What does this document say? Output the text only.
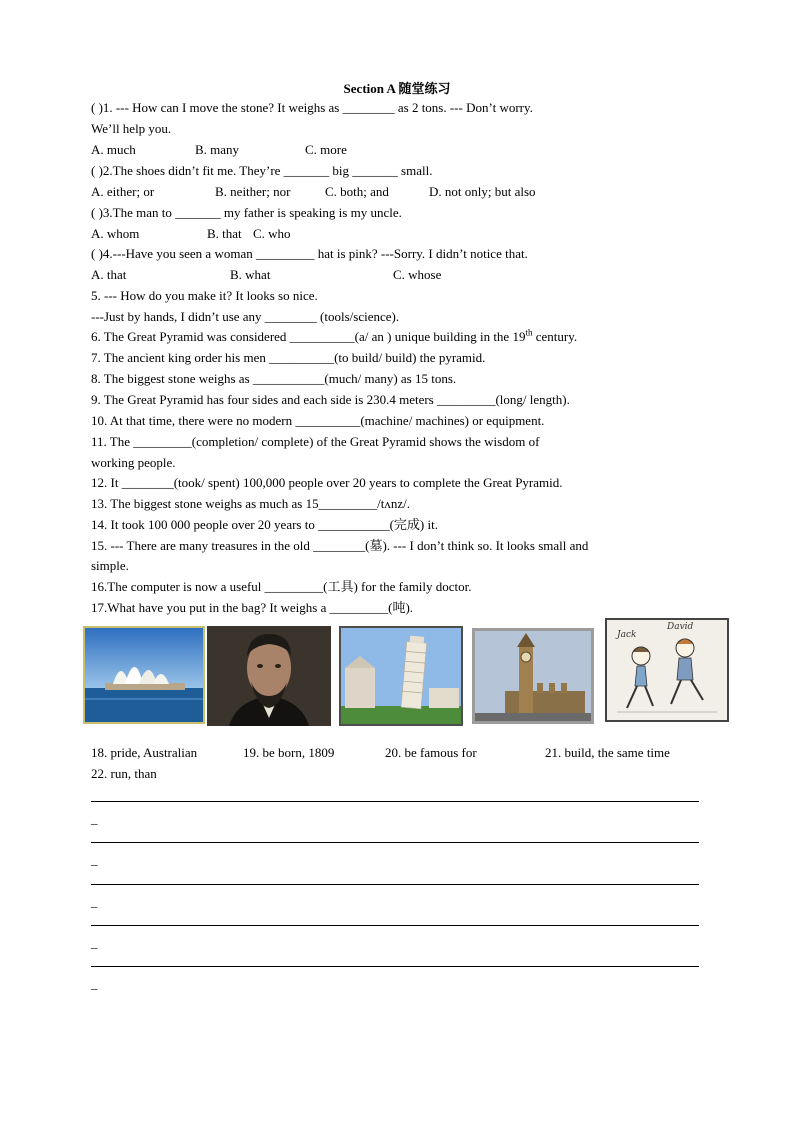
Section A 随堂练习
( )1. --- How can I move the stone? It weighs as ________ as 2 tons. --- Don’t worry.
We’ll help you.
A. much	B. many	C. more
( )2.The shoes didn’t fit me. They’re _______ big _______ small.
A. either; or	B. neither; nor	C. both; and	D. not only; but also
( )3.The man to _______ my father is speaking is my uncle.
A. whom	B. that C. who
( )4.---Have you seen a woman _________ hat is pink? ---Sorry. I didn’t notice that.
A. that	B. what	C. whose
5. --- How do you make it? It looks so nice.
---Just by hands, I didn’t use any ________ (tools/science).
6. The Great Pyramid was considered __________(a/ an ) unique building in the 19th century.
7. The ancient king order his men __________(to build/ build) the pyramid.
8. The biggest stone weighs as ___________(much/ many) as 15 tons.
9. The Great Pyramid has four sides and each side is 230.4 meters _________(long/ length).
10. At that time, there were no modern __________(machine/ machines) or equipment.
11. The _________(completion/ complete) of the Great Pyramid shows the wisdom of
working people.
12. It ________(took/ spent) 100,000 people over 20 years to complete the Great Pyramid.
13. The biggest stone weighs as much as 15_________/tʌnz/.
14. It took 100 000 people over 20 years to ___________(完成) it.
15. --- There are many treasures in the old ________(墓). --- I don’t think so. It looks small and
simple.
16.The computer is now a useful _________(工具) for the family doctor.
17.What have you put in the bag? It weighs a _________(吨).
Jack
David
18. pride, Australian	19. be born, 1809	20. be famous for	21. build, the same time
22. run, than
_
_
_
_
_
